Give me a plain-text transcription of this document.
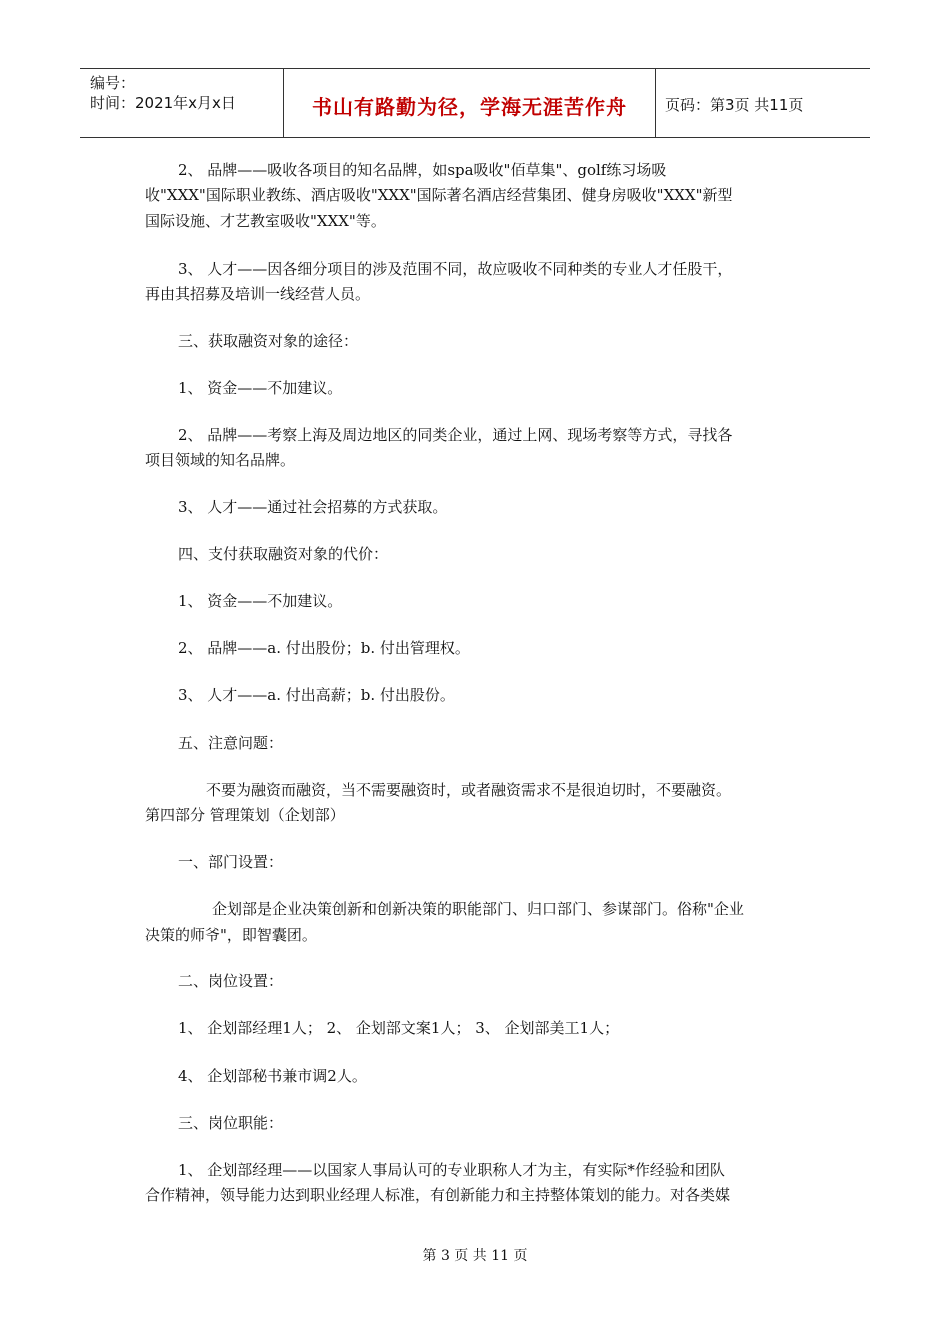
编号：
时间：2021年x月x日	书山有路勤为径，学海无涯苦作舟	页码：第3页 共11页
2、 品牌——吸收各项目的知名品牌，如spa吸收"佰草集"、golf练习场吸
收"XXX"国际职业教练、酒店吸收"XXX"国际著名酒店经营集团、健身房吸收"XXX"新型
国际设施、才艺教室吸收"XXX"等。
3、 人才——因各细分项目的涉及范围不同，故应吸收不同种类的专业人才任股干，
再由其招募及培训一线经营人员。
三、获取融资对象的途径：
1、 资金——不加建议。
2、 品牌——考察上海及周边地区的同类企业，通过上网、现场考察等方式，寻找各
项目领域的知名品牌。
3、 人才——通过社会招募的方式获取。
四、支付获取融资对象的代价：
1、 资金——不加建议。
2、 品牌——a. 付出股份；b. 付出管理权。
3、 人才——a. 付出高薪；b. 付出股份。
五、注意问题：
不要为融资而融资，当不需要融资时，或者融资需求不是很迫切时，不要融资。
第四部分 管理策划（企划部）
一、部门设置：
企划部是企业决策创新和创新决策的职能部门、归口部门、参谋部门。俗称"企业
决策的师爷"，即智囊团。
二、岗位设置：
1、 企划部经理1人； 2、 企划部文案1人； 3、 企划部美工1人；
4、 企划部秘书兼市调2人。
三、岗位职能：
1、 企划部经理——以国家人事局认可的专业职称人才为主，有实际*作经验和团队
合作精神，领导能力达到职业经理人标准，有创新能力和主持整体策划的能力。对各类媒
第 3 页 共 11 页
